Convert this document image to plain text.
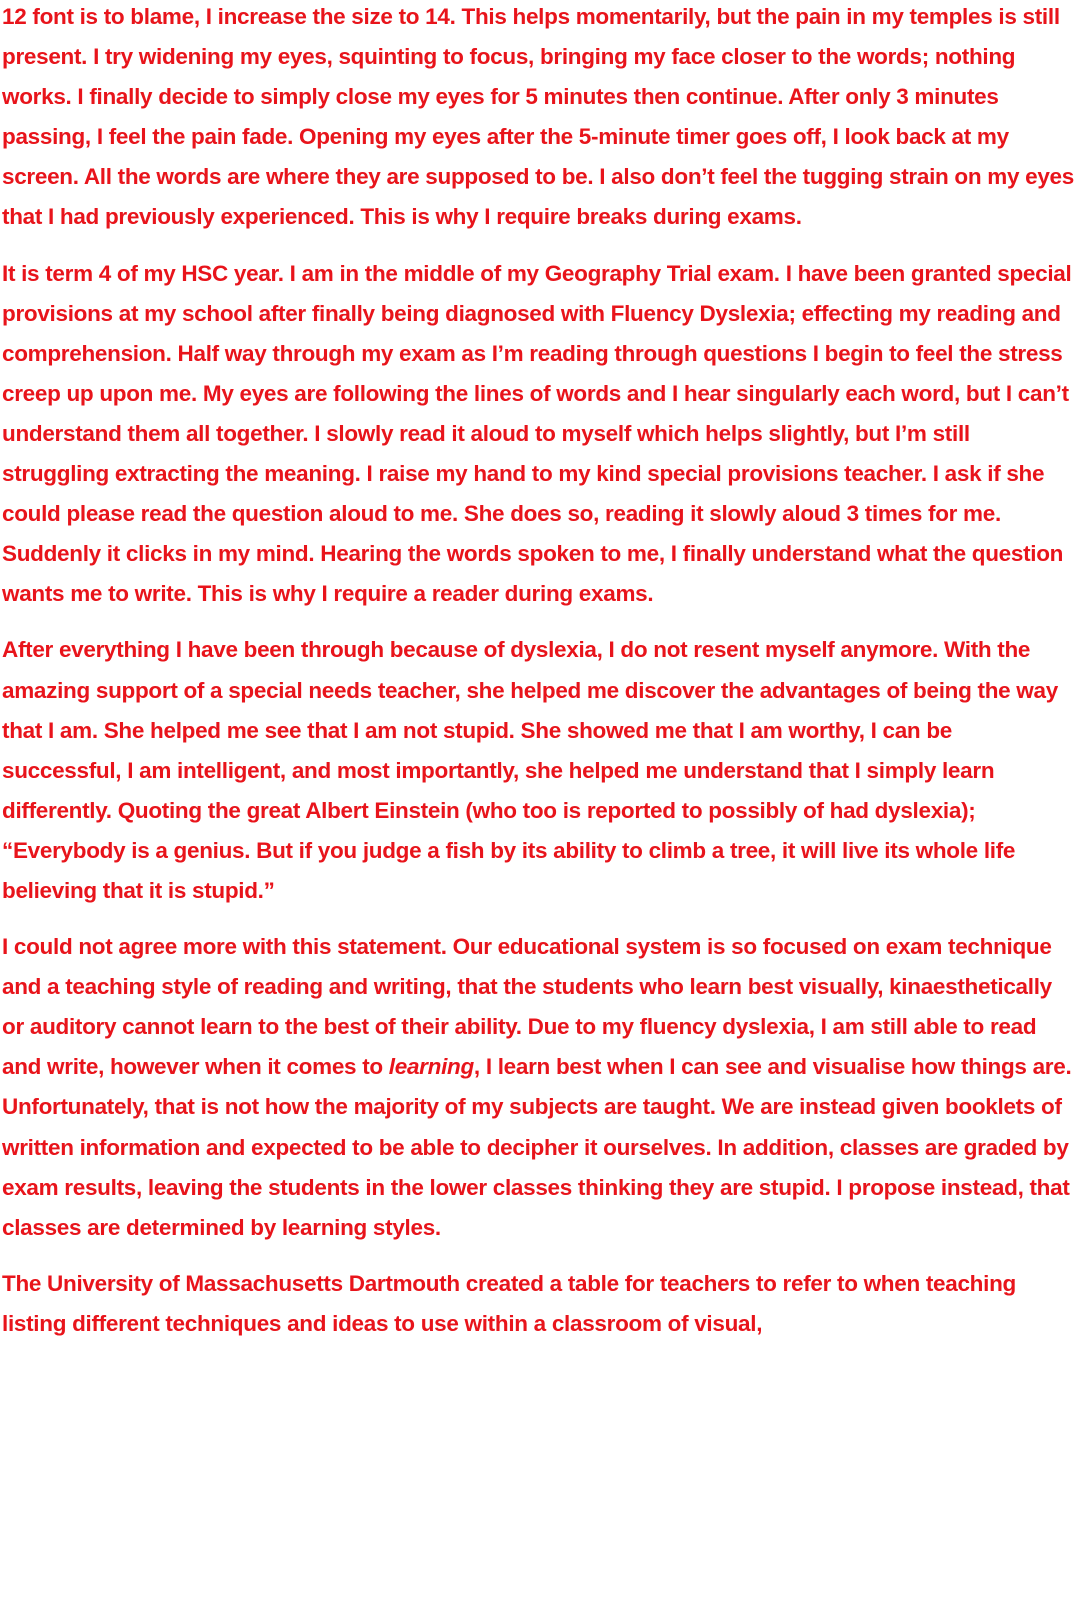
12 font is to blame, I increase the size to 14. This helps momentarily, but the pain in my temples is still present. I try widening my eyes, squinting to focus, bringing my face closer to the words; nothing works. I finally decide to simply close my eyes for 5 minutes then continue. After only 3 minutes passing, I feel the pain fade. Opening my eyes after the 5-minute timer goes off, I look back at my screen. All the words are where they are supposed to be. I also don’t feel the tugging strain on my eyes that I had previously experienced. This is why I require breaks during exams.

It is term 4 of my HSC year. I am in the middle of my Geography Trial exam. I have been granted special provisions at my school after finally being diagnosed with Fluency Dyslexia; effecting my reading and comprehension. Half way through my exam as I’m reading through questions I begin to feel the stress creep up upon me. My eyes are following the lines of words and I hear singularly each word, but I can’t understand them all together. I slowly read it aloud to myself which helps slightly, but I’m still struggling extracting the meaning. I raise my hand to my kind special provisions teacher. I ask if she could please read the question aloud to me. She does so, reading it slowly aloud 3 times for me. Suddenly it clicks in my mind. Hearing the words spoken to me, I finally understand what the question wants me to write. This is why I require a reader during exams.

After everything I have been through because of dyslexia, I do not resent myself anymore. With the amazing support of a special needs teacher, she helped me discover the advantages of being the way that I am. She helped me see that I am not stupid. She showed me that I am worthy, I can be successful, I am intelligent, and most importantly, she helped me understand that I simply learn differently. Quoting the great Albert Einstein (who too is reported to possibly of had dyslexia); “Everybody is a genius. But if you judge a fish by its ability to climb a tree, it will live its whole life believing that it is stupid.”

I could not agree more with this statement. Our educational system is so focused on exam technique and a teaching style of reading and writing, that the students who learn best visually, kinaesthetically or auditory cannot learn to the best of their ability. Due to my fluency dyslexia, I am still able to read and write, however when it comes to learning, I learn best when I can see and visualise how things are. Unfortunately, that is not how the majority of my subjects are taught. We are instead given booklets of written information and expected to be able to decipher it ourselves. In addition, classes are graded by exam results, leaving the students in the lower classes thinking they are stupid. I propose instead, that classes are determined by learning styles.

The University of Massachusetts Dartmouth created a table for teachers to refer to when teaching listing different techniques and ideas to use within a classroom of visual,
